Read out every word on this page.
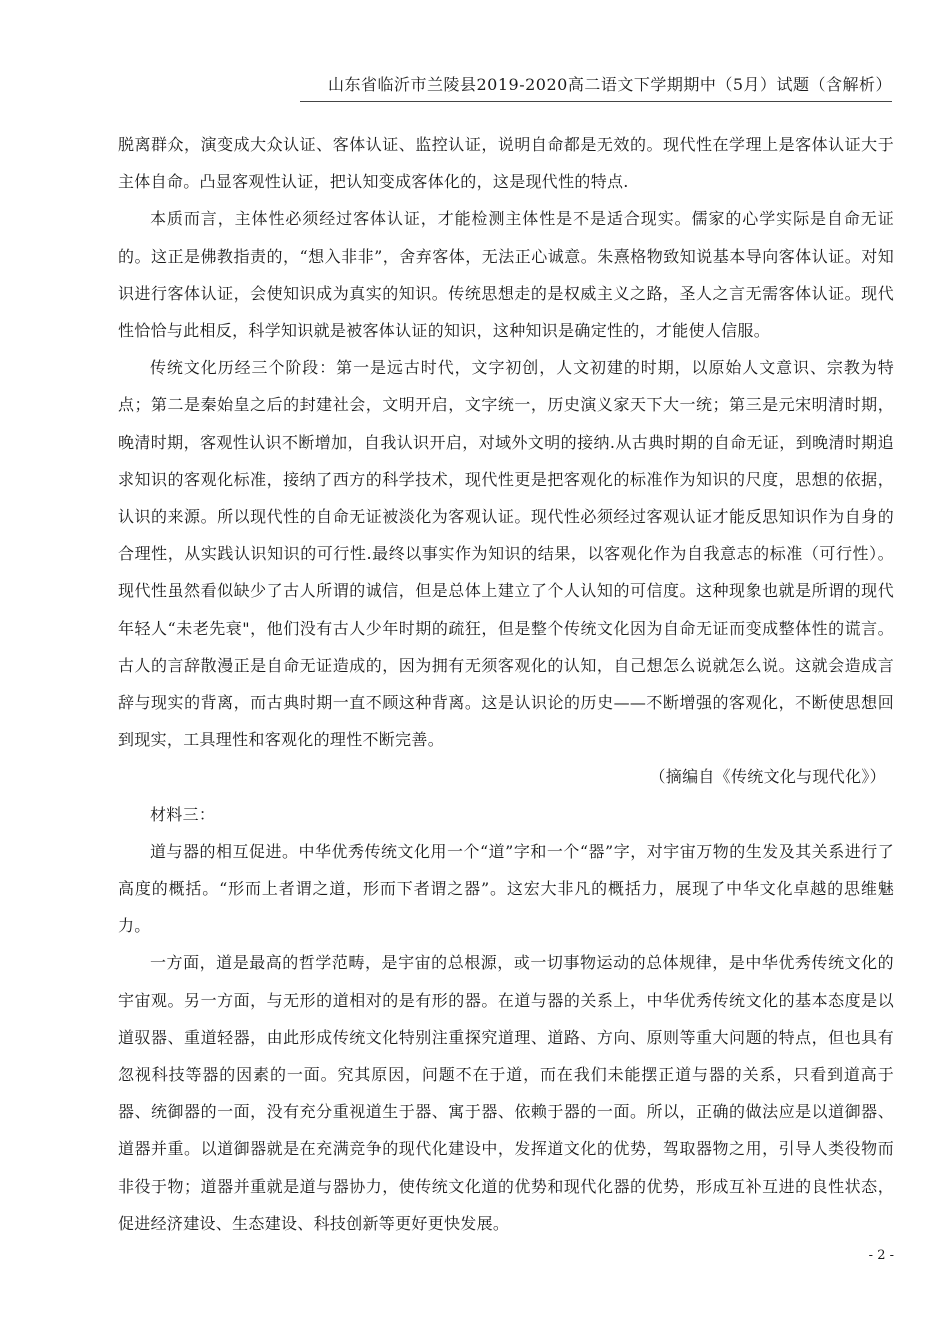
山东省临沂市兰陵县2019-2020高二语文下学期期中（5月）试题（含解析）

脱离群众，演变成大众认证、客体认证、监控认证，说明自命都是无效的。现代性在学理上是客体认证大于主体自命。凸显客观性认证，把认知变成客体化的，这是现代性的特点.

本质而言，主体性必须经过客体认证，才能检测主体性是不是适合现实。儒家的心学实际是自命无证的。这正是佛教指责的，“想入非非”，舍弃客体，无法正心诚意。朱熹格物致知说基本导向客体认证。对知识进行客体认证，会使知识成为真实的知识。传统思想走的是权威主义之路，圣人之言无需客体认证。现代性恰恰与此相反，科学知识就是被客体认证的知识，这种知识是确定性的，才能使人信服。

传统文化历经三个阶段：第一是远古时代，文字初创，人文初建的时期，以原始人文意识、宗教为特点；第二是秦始皇之后的封建社会，文明开启，文字统一，历史演义家天下大一统；第三是元宋明清时期，晚清时期，客观性认识不断增加，自我认识开启，对域外文明的接纳.从古典时期的自命无证，到晚清时期追求知识的客观化标准，接纳了西方的科学技术，现代性更是把客观化的标准作为知识的尺度，思想的依据，认识的来源。所以现代性的自命无证被淡化为客观认证。现代性必须经过客观认证才能反思知识作为自身的合理性，从实践认识知识的可行性.最终以事实作为知识的结果，以客观化作为自我意志的标准（可行性）。现代性虽然看似缺少了古人所谓的诚信，但是总体上建立了个人认知的可信度。这种现象也就是所谓的现代年轻人“未老先衰"，他们没有古人少年时期的疏狂，但是整个传统文化因为自命无证而变成整体性的谎言。古人的言辞散漫正是自命无证造成的，因为拥有无须客观化的认知，自己想怎么说就怎么说。这就会造成言辞与现实的背离，而古典时期一直不顾这种背离。这是认识论的历史——不断增强的客观化，不断使思想回到现实，工具理性和客观化的理性不断完善。

（摘编自《传统文化与现代化》）

材料三：

道与器的相互促进。中华优秀传统文化用一个“道”字和一个“器”字，对宇宙万物的生发及其关系进行了高度的概括。“形而上者谓之道，形而下者谓之器”。这宏大非凡的概括力，展现了中华文化卓越的思维魅力。

一方面，道是最高的哲学范畴，是宇宙的总根源，或一切事物运动的总体规律，是中华优秀传统文化的宇宙观。另一方面，与无形的道相对的是有形的器。在道与器的关系上，中华优秀传统文化的基本态度是以道驭器、重道轻器，由此形成传统文化特别注重探究道理、道路、方向、原则等重大问题的特点，但也具有忽视科技等器的因素的一面。究其原因，问题不在于道，而在我们未能摆正道与器的关系，只看到道高于器、统御器的一面，没有充分重视道生于器、寓于器、依赖于器的一面。所以，正确的做法应是以道御器、道器并重。以道御器就是在充满竞争的现代化建设中，发挥道文化的优势，驾取器物之用，引导人类役物而非役于物；道器并重就是道与器协力，使传统文化道的优势和现代化器的优势，形成互补互进的良性状态，促进经济建设、生态建设、科技创新等更好更快发展。

- 2 -
